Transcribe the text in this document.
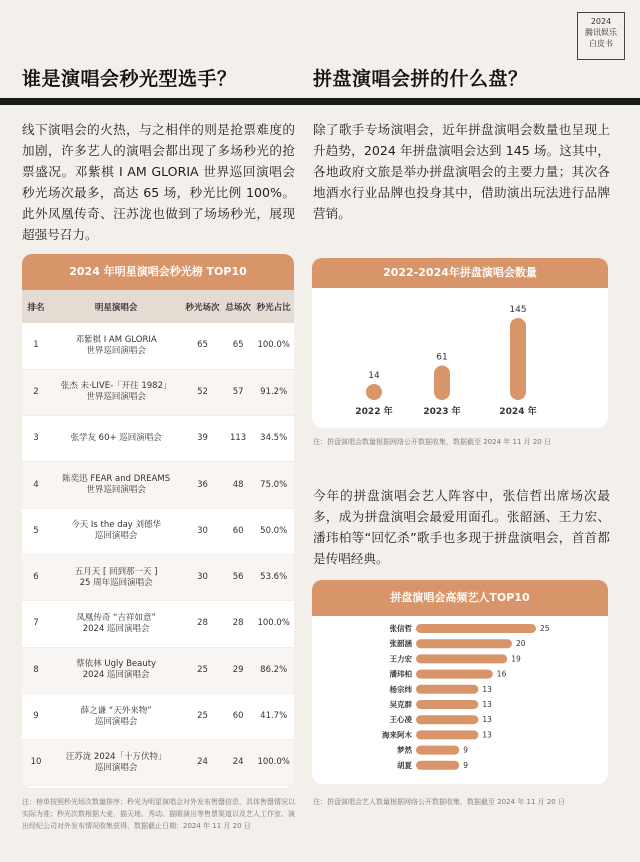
2024
腾讯娱乐
白皮书
谁是演唱会秒光型选手？	拼盘演唱会拼的什么盘？
线下演唱会的火热，与之相伴的则是抢票难度的加剧，许多艺人的演唱会都出现了多场秒光的抢票盛况。邓紫棋 I AM GLORIA 世界巡回演唱会秒光场次最多，高达 65 场，秒光比例 100%。此外凤凰传奇、汪苏泷也做到了场场秒光，展现超强号召力。
除了歌手专场演唱会，近年拼盘演唱会数量也呈现上升趋势，2024 年拼盘演唱会达到 145 场。这其中，各地政府文旅是举办拼盘演唱会的主要力量；其次各地酒水行业品牌也投身其中，借助演出玩法进行品牌营销。
今年的拼盘演唱会艺人阵容中，张信哲出席场次最多，成为拼盘演唱会最爱用面孔。张韶涵、王力宏、潘玮柏等“回忆杀”歌手也多现于拼盘演唱会，首首都是传唱经典。
2024 年明星演唱会秒光榜 TOP10
排名	明星演唱会	秒光场次	总场次	秒光占比
1	邓紫棋 I AM GLORIA
世界巡回演唱会	65	65	100.0%
2	张杰 未·LIVE-「开往 1982」
世界巡回演唱会	52	57	91.2%
3	张学友 60+ 巡回演唱会	39	113	34.5%
4	陈奕迅 FEAR and DREAMS
世界巡回演唱会	36	48	75.0%
5	今天 Is the day 刘德华
巡回演唱会	30	60	50.0%
6	五月天 [ 回到那一天 ]
25 周年巡回演唱会	30	56	53.6%
7	凤凰传奇 “吉祥如意”
2024 巡回演唱会	28	28	100.0%
8	蔡依林 Ugly Beauty
2024 巡回演唱会	25	29	86.2%
9	薛之谦 “天外来物”
巡回演唱会	25	60	41.7%
10	汪苏泷 2024「十万伏特」
巡回演唱会	24	24	100.0%
注：榜单按照秒光场次数量排序；秒光为明星演唱会对外发布售罄信息，具体售罄情况以实际为准；秒光次数根据大麦、猫天地、秀动、猫眼演出等售票渠道以及艺人工作室、演出经纪公司对外发布情况收集获得，数据截止日期：2024 年 11 月 20 日
2022-2024年拼盘演唱会数量
14
2022 年
61
2023 年
145
2024 年
注：拼盘演唱会数量根据网络公开数据收集，数据截至 2024 年 11 月 20 日
拼盘演唱会高频艺人TOP10
张信哲	25
张韶涵	20
王力宏	19
潘玮柏	16
杨宗纬	13
吴克群	13
王心凌	13
海来阿木	13
梦然	9
胡夏	9
注：拼盘演唱会艺人数量根据网络公开数据收集，数据截至 2024 年 11 月 20 日
